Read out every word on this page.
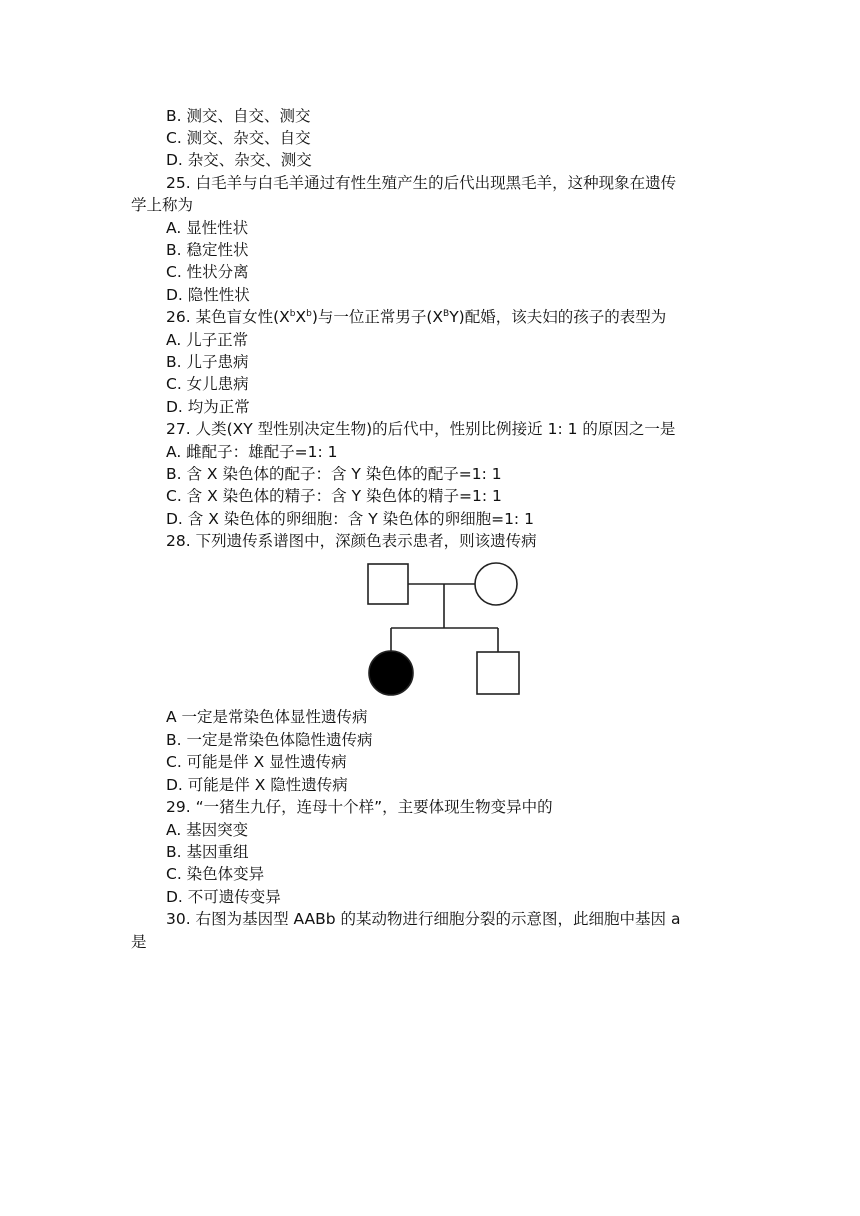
B. 测交、自交、测交
C. 测交、杂交、自交
D. 杂交、杂交、测交
25. 白毛羊与白毛羊通过有性生殖产生的后代出现黑毛羊，这种现象在遗传
学上称为
A. 显性性状
B. 稳定性状
C. 性状分离
D. 隐性性状
26. 某色盲女性$(X^bX^b)$与一位正常男子$(X^BY)$配婚，该夫妇的孩子的表型为
A. 儿子正常
B. 儿子患病
C. 女儿患病
D. 均为正常
27. 人类(XY 型性别决定生物)的后代中，性别比例接近 1: 1 的原因之一是
A. 雌配子：雄配子=1: 1
B. 含 X 染色体的配子：含 Y 染色体的配子=1: 1
C. 含 X 染色体的精子：含 Y 染色体的精子=1: 1
D. 含 X 染色体的卵细胞：含 Y 染色体的卵细胞=1: 1
28. 下列遗传系谱图中，深颜色表示患者，则该遗传病
A 一定是常染色体显性遗传病
B. 一定是常染色体隐性遗传病
C. 可能是伴 X 显性遗传病
D. 可能是伴 X 隐性遗传病
29. “一猪生九仔，连母十个样”，主要体现生物变异中的
A. 基因突变
B. 基因重组
C. 染色体变异
D. 不可遗传变异
30. 右图为基因型 AABb 的某动物进行细胞分裂的示意图，此细胞中基因 a
是
